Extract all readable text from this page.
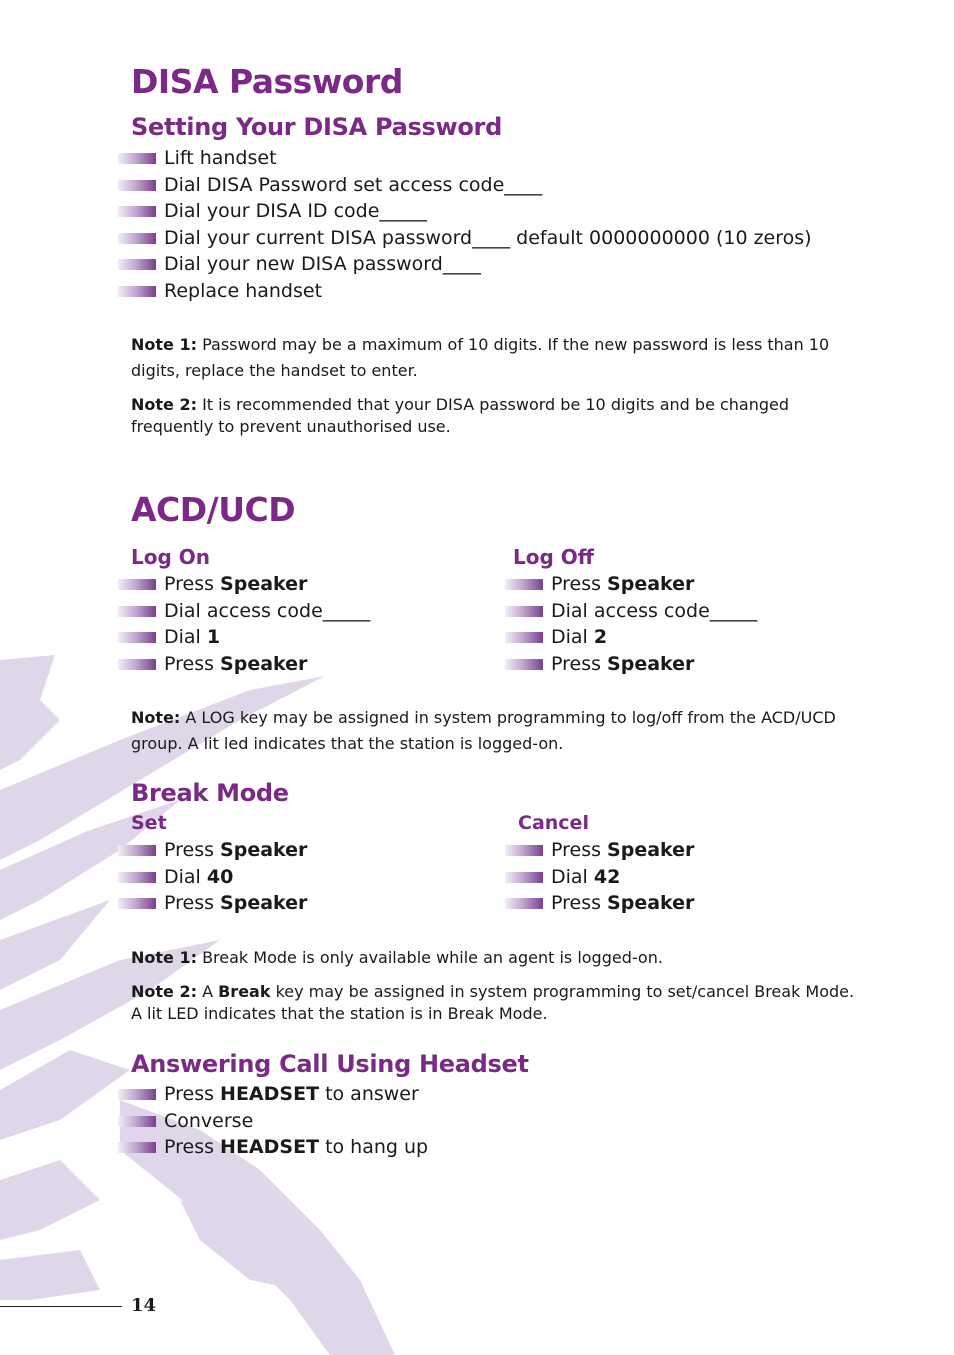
DISA Password
Setting Your DISA Password
Lift handset
Dial DISA Password set access code____
Dial your DISA ID code_____
Dial your current DISA password____ default 0000000000 (10 zeros)
Dial your new DISA password____
Replace handset
Note 1: Password may be a maximum of 10 digits. If the new password is less than 10
digits, replace the handset to enter.
Note 2: It is recommended that your DISA password be 10 digits and be changed
frequently to prevent unauthorised use.
ACD/UCD
Log On
Press Speaker
Dial access code_____
Dial 1
Press Speaker
Log Off
Press Speaker
Dial access code_____
Dial 2
Press Speaker
Note: A LOG key may be assigned in system programming to log/off from the ACD/UCD
group. A lit led indicates that the station is logged-on.
Break Mode
Set
Press Speaker
Dial 40
Press Speaker
Cancel
Press Speaker
Dial 42
Press Speaker
Note 1: Break Mode is only available while an agent is logged-on.
Note 2: A Break key may be assigned in system programming to set/cancel Break Mode.
A lit LED indicates that the station is in Break Mode.
Answering Call Using Headset
Press HEADSET to answer
Converse
Press HEADSET to hang up
14
